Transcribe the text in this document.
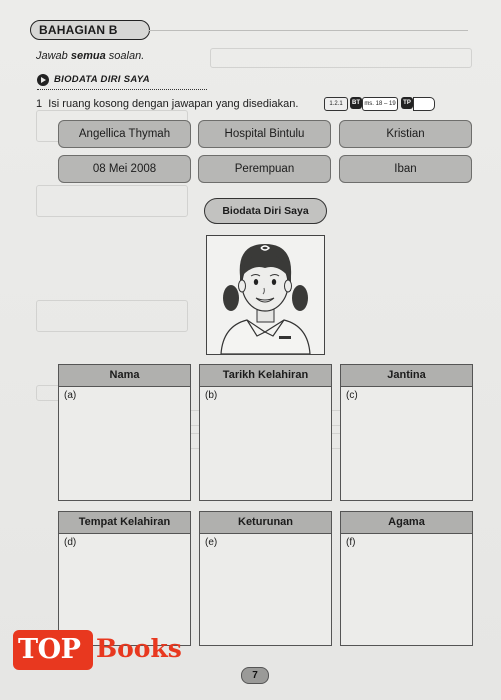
BAHAGIAN B
Jawab semua soalan.
BIODATA DIRI SAYA
1 Isi ruang kosong dengan jawapan yang disediakan.	1.2.1	BT ms. 18 – 19	TP
Angellica Thymah	Hospital Bintulu	Kristian
08 Mei 2008	Perempuan	Iban
Biodata Diri Saya
Nama
(a)
Tarikh Kelahiran
(b)
Jantina
(c)
Tempat Kelahiran
(d)
Keturunan
(e)
Agama
(f)
7
TOP Books
